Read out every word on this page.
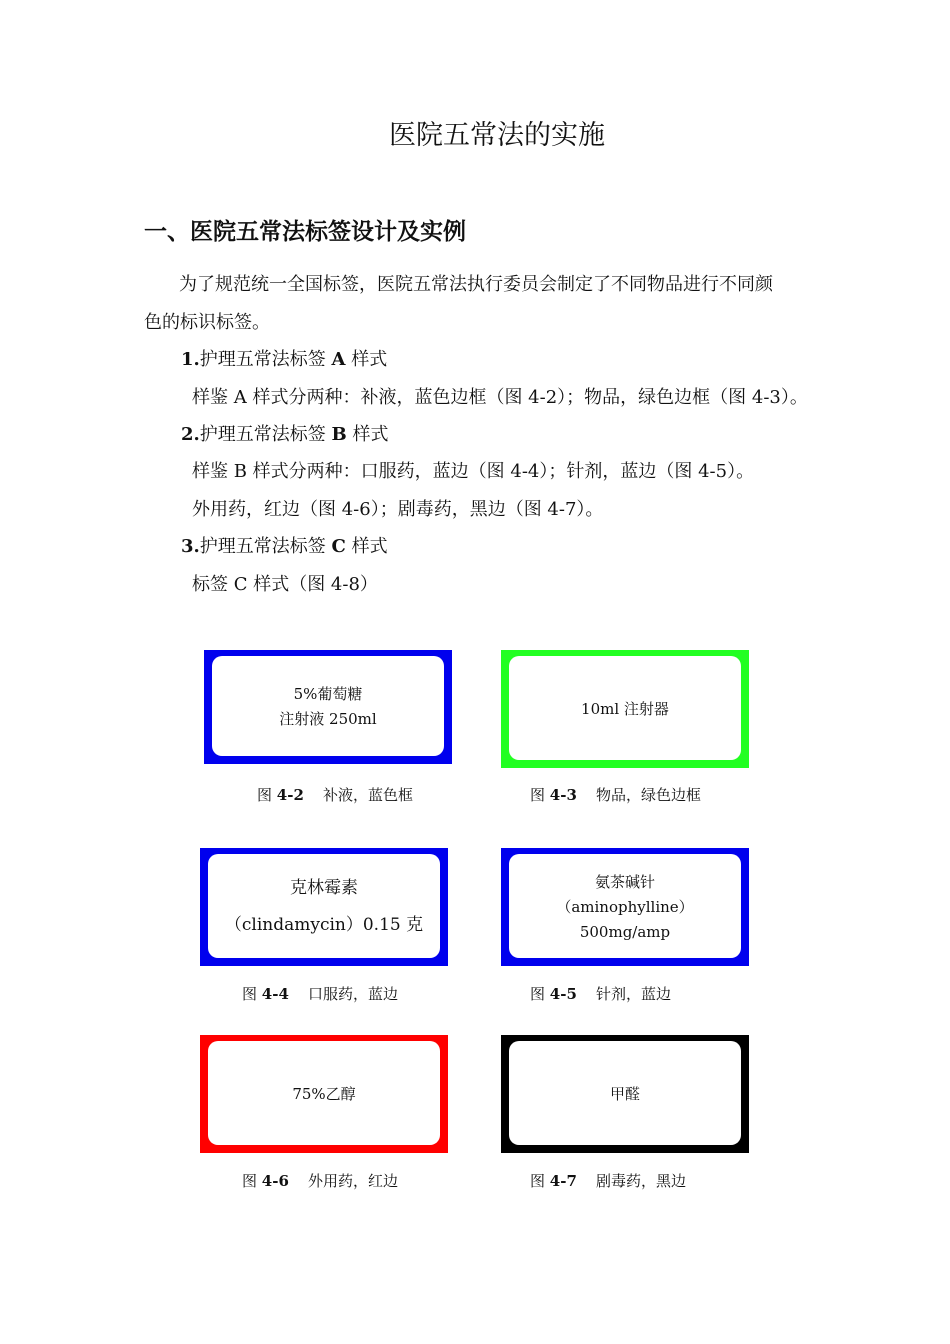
医院五常法的实施
一、医院五常法标签设计及实例
为了规范统一全国标签，医院五常法执行委员会制定了不同物品进行不同颜
色的标识标签。
1.护理五常法标签 A 样式
样鉴 A 样式分两种：补液，蓝色边框（图 4-2）；物品，绿色边框（图 4-3）。
2.护理五常法标签 B 样式
样鉴 B 样式分两种：口服药，蓝边（图 4-4）；针剂，蓝边（图 4-5）。
外用药，红边（图 4-6）；剧毒药，黑边（图 4-7）。
3.护理五常法标签 C 样式
标签 C 样式（图 4-8）
5%葡萄糖
注射液 250ml
图 4-2 补液，蓝色框
10ml 注射器
图 4-3 物品，绿色边框
克林霉素
（clindamycin）0.15 克
图 4-4 口服药，蓝边
氨茶碱针
（aminophylline）
500mg/amp
图 4-5 针剂，蓝边
75%乙醇
图 4-6 外用药，红边
甲醛
图 4-7 剧毒药，黑边
